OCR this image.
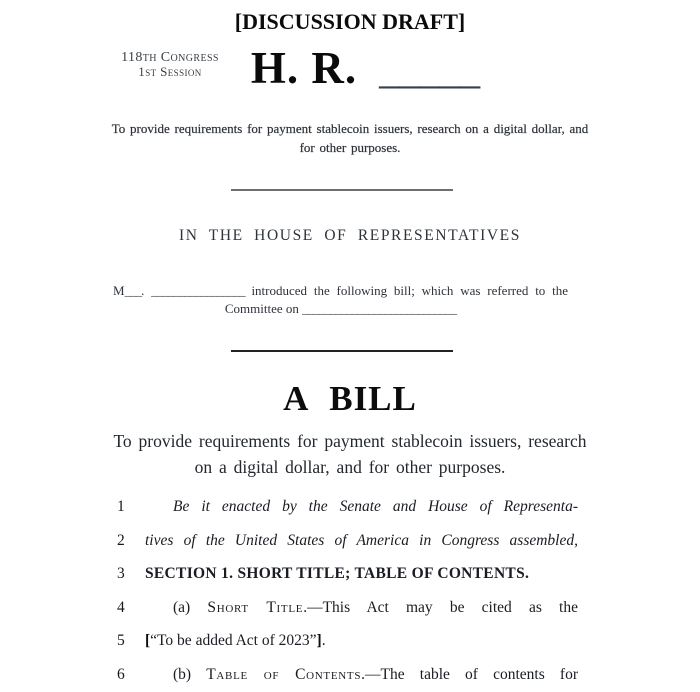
[DISCUSSION DRAFT]
118th Congress
1st Session	H. R. _____
To provide requirements for payment stablecoin issuers, research on a digital dollar, and for other purposes.
IN THE HOUSE OF REPRESENTATIVES
M___. _________________ introduced the following bill; which was referred to the
Committee on ____________________________
A BILL
To provide requirements for payment stablecoin issuers, research on a digital dollar, and for other purposes.
1	Be it enacted by the Senate and House of Representa-
2	tives of the United States of America in Congress assembled,
3	SECTION 1. SHORT TITLE; TABLE OF CONTENTS.
4	(a) Short Title.—This Act may be cited as the
5	[“To be added Act of 2023”].
6	(b) Table of Contents.—The table of contents for
